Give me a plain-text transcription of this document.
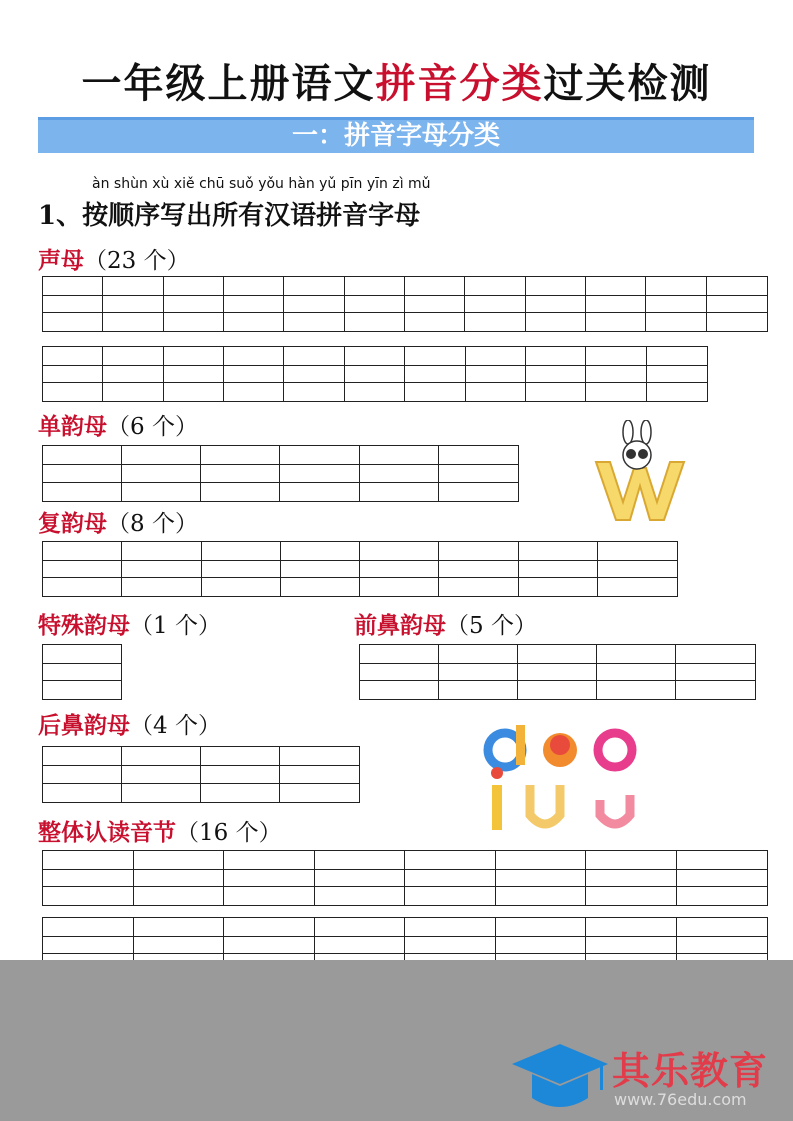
一年级上册语文拼音分类过关检测
一：拼音字母分类
àn shùn xù xiě chū suǒ yǒu hàn yǔ pīn yīn zì mǔ
1、按顺序写出所有汉语拼音字母
声母（23 个）
单韵母（6 个）
复韵母（8 个）
特殊韵母（1 个）	前鼻韵母（5 个）
后鼻韵母（4 个）
整体认读音节（16 个）
其乐教育
www.76edu.com
